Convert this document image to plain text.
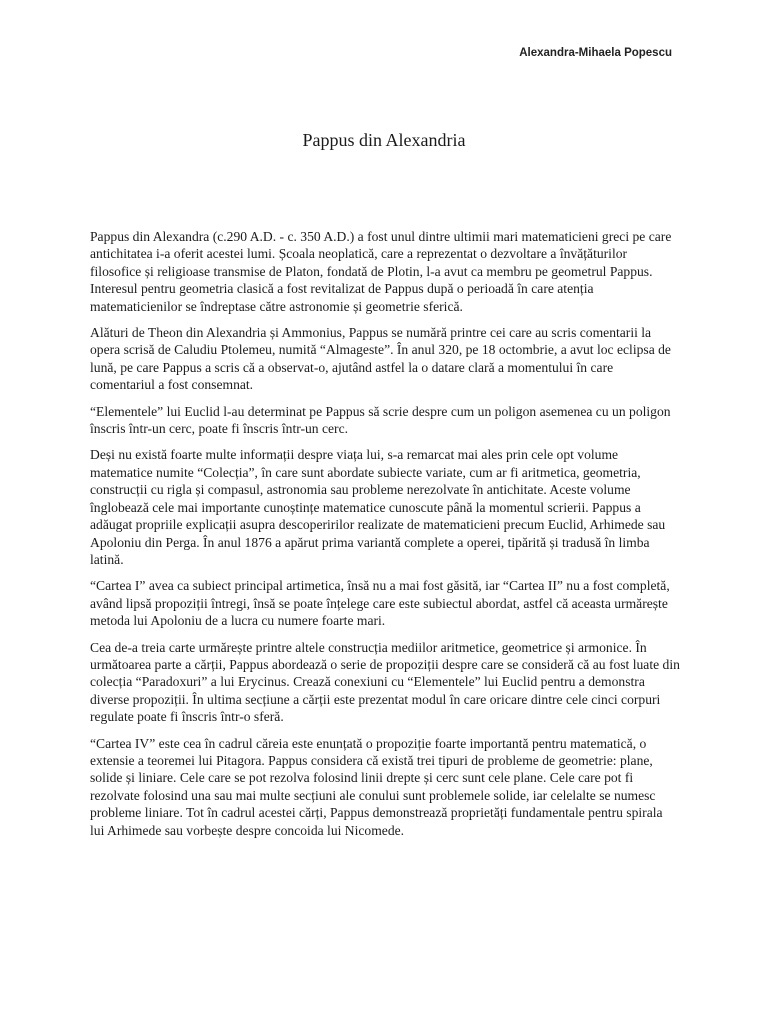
Alexandra-Mihaela Popescu
Pappus din Alexandria

Pappus din Alexandra (c.290 A.D. - c. 350 A.D.) a fost unul dintre ultimii mari matematicieni greci pe care antichitatea i-a oferit acestei lumi. Școala neoplatică, care a reprezentat o dezvoltare a învățăturilor filosofice și religioase transmise de Platon, fondată de Plotin, l-a avut ca membru pe geometrul Pappus. Interesul pentru geometria clasică a fost revitalizat de Pappus după o perioadă în care atenția matematicienilor se îndreptase către astronomie și geometrie sferică.

Alături de Theon din Alexandria și Ammonius, Pappus se numără printre cei care au scris comentarii la opera scrisă de Caludiu Ptolemeu, numită “Almageste”. În anul 320, pe 18 octombrie, a avut loc eclipsa de lună, pe care Pappus a scris că a observat-o, ajutând astfel la o datare clară a momentului în care comentariul a fost consemnat.

“Elementele” lui Euclid l-au determinat pe Pappus să scrie despre cum un poligon asemenea cu un poligon înscris într-un cerc, poate fi înscris într-un cerc.

Deși nu există foarte multe informații despre viața lui, s-a remarcat mai ales prin cele opt volume matematice numite “Colecția”, în care sunt abordate subiecte variate, cum ar fi aritmetica, geometria, construcții cu rigla și compasul, astronomia sau probleme nerezolvate în antichitate. Aceste volume înglobează cele mai importante cunoștințe matematice cunoscute până la momentul scrierii. Pappus a adăugat propriile explicații asupra descoperirilor realizate de matematicieni precum Euclid, Arhimede sau Apoloniu din Perga. În anul 1876 a apărut prima variantă complete a operei, tipărită și tradusă în limba latină.

“Cartea I” avea ca subiect principal artimetica, însă nu a mai fost găsită, iar “Cartea II” nu a fost completă, având lipsă propoziții întregi, însă se poate înțelege care este subiectul abordat, astfel că aceasta urmărește metoda lui Apoloniu de a lucra cu numere foarte mari.

Cea de-a treia carte urmărește printre altele construcția mediilor aritmetice, geometrice și armonice. În următoarea parte a cărții, Pappus abordează o serie de propoziții despre care se consideră că au fost luate din colecția “Paradoxuri” a lui Erycinus. Crează conexiuni cu “Elementele” lui Euclid pentru a demonstra diverse propoziții. În ultima secțiune a cărții este prezentat modul în care oricare dintre cele cinci corpuri regulate poate fi înscris într-o sferă.

“Cartea IV” este cea în cadrul căreia este enunțată o propoziție foarte importantă pentru matematică, o extensie a teoremei lui Pitagora. Pappus considera că există trei tipuri de probleme de geometrie: plane, solide și liniare. Cele care se pot rezolva folosind linii drepte și cerc sunt cele plane. Cele care pot fi rezolvate folosind una sau mai multe secțiuni ale conului sunt problemele solide, iar celelalte se numesc probleme liniare. Tot în cadrul acestei cărți, Pappus demonstrează proprietăți fundamentale pentru spirala lui Arhimede sau vorbește despre concoida lui Nicomede.
